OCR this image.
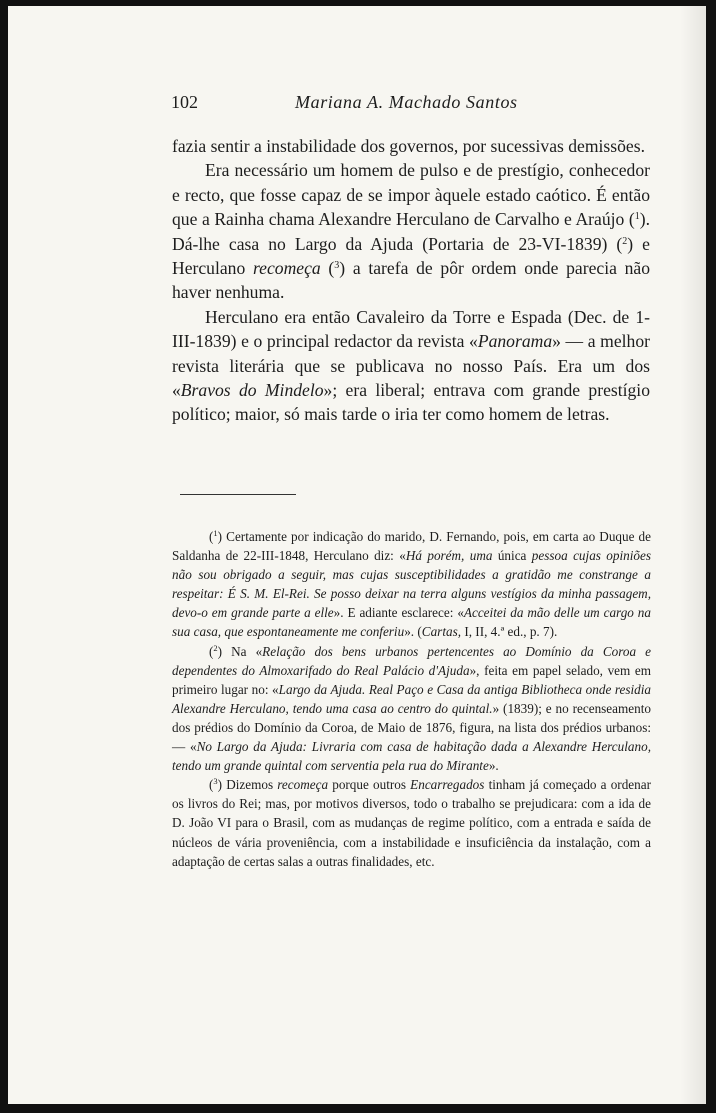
102	Mariana A. Machado Santos

fazia sentir a instabilidade dos governos, por sucessivas demissões.

Era necessário um homem de pulso e de prestígio, conhecedor e recto, que fosse capaz de se impor àquele estado caótico. É então que a Rainha chama Alexandre Herculano de Carvalho e Araújo ($^1$). Dá-lhe casa no Largo da Ajuda (Portaria de 23-VI-1839) ($^2$) e Herculano recomeça ($^3$) a tarefa de pôr ordem onde parecia não haver nenhuma.

Herculano era então Cavaleiro da Torre e Espada (Dec. de 1-III-1839) e o principal redactor da revista «Panorama» — a melhor revista literária que se publicava no nosso País. Era um dos «Bravos do Mindelo»; era liberal; entrava com grande prestígio político; maior, só mais tarde o iria ter como homem de letras.

($^1$) Certamente por indicação do marido, D. Fernando, pois, em carta ao Duque de Saldanha de 22-III-1848, Herculano diz: «Há porém, uma única pessoa cujas opiniões não sou obrigado a seguir, mas cujas susceptibilidades a gratidão me constrange a respeitar: É S. M. El-Rei. Se posso deixar na terra alguns vestígios da minha passagem, devo-o em grande parte a elle». E adiante esclarece: «Acceitei da mão delle um cargo na sua casa, que espontaneamente me conferiu». (Cartas, I, II, 4.ª ed., p. 7).

($^2$) Na «Relação dos bens urbanos pertencentes ao Domínio da Coroa e dependentes do Almoxarifado do Real Palácio d'Ajuda», feita em papel selado, vem em primeiro lugar no: «Largo da Ajuda. Real Paço e Casa da antiga Bibliotheca onde residia Alexandre Herculano, tendo uma casa ao centro do quintal.» (1839); e no recenseamento dos prédios do Domínio da Coroa, de Maio de 1876, figura, na lista dos prédios urbanos: — «No Largo da Ajuda: Livraria com casa de habitação dada a Alexandre Herculano, tendo um grande quintal com serventia pela rua do Mirante».

($^3$) Dizemos recomeça porque outros Encarregados tinham já começado a ordenar os livros do Rei; mas, por motivos diversos, todo o trabalho se prejudicara: com a ida de D. João VI para o Brasil, com as mudanças de regime político, com a entrada e saída de núcleos de vária proveniência, com a instabilidade e insuficiência da instalação, com a adaptação de certas salas a outras finalidades, etc.
